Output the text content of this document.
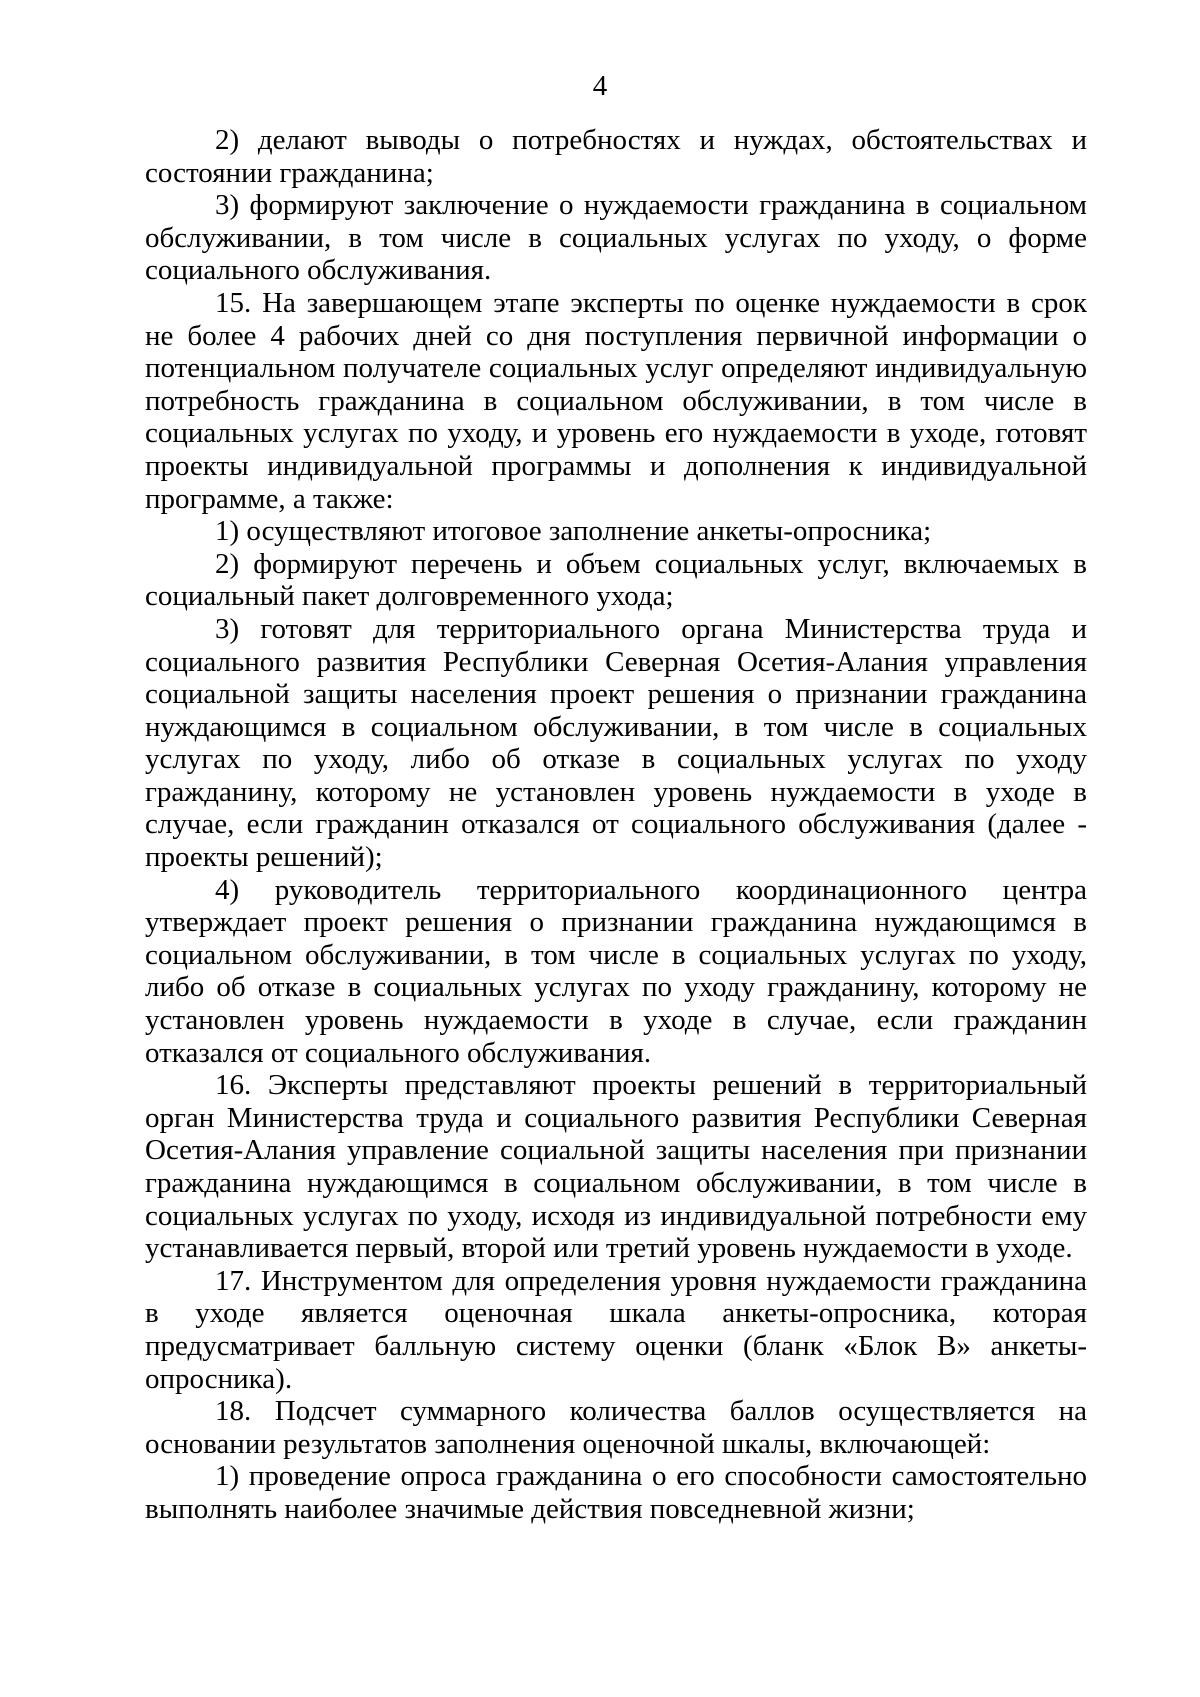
4

2) делают выводы о потребностях и нуждах, обстоятельствах и состоянии гражданина;

3) формируют заключение о нуждаемости гражданина в социальном обслуживании, в том числе в социальных услугах по уходу, о форме социального обслуживания.

15. На завершающем этапе эксперты по оценке нуждаемости в срок не более 4 рабочих дней со дня поступления первичной информации о потенциальном получателе социальных услуг определяют индивидуальную потребность гражданина в социальном обслуживании, в том числе в социальных услугах по уходу, и уровень его нуждаемости в уходе, готовят проекты индивидуальной программы и дополнения к индивидуальной программе, а также:

1) осуществляют итоговое заполнение анкеты-опросника;

2) формируют перечень и объем социальных услуг, включаемых в социальный пакет долговременного ухода;

3) готовят для территориального органа Министерства труда и социального развития Республики Северная Осетия-Алания управления социальной защиты населения проект решения о признании гражданина нуждающимся в социальном обслуживании, в том числе в социальных услугах по уходу, либо об отказе в социальных услугах по уходу гражданину, которому не установлен уровень нуждаемости в уходе в случае, если гражданин отказался от социального обслуживания (далее - проекты решений);

4) руководитель территориального координационного центра утверждает проект решения о признании гражданина нуждающимся в социальном обслуживании, в том числе в социальных услугах по уходу, либо об отказе в социальных услугах по уходу гражданину, которому не установлен уровень нуждаемости в уходе в случае, если гражданин отказался от социального обслуживания.

16. Эксперты представляют проекты решений в территориальный орган Министерства труда и социального развития Республики Северная Осетия-Алания управление социальной защиты населения при признании гражданина нуждающимся в социальном обслуживании, в том числе в социальных услугах по уходу, исходя из индивидуальной потребности ему устанавливается первый, второй или третий уровень нуждаемости в уходе.

17. Инструментом для определения уровня нуждаемости гражданина в уходе является оценочная шкала анкеты-опросника, которая предусматривает балльную систему оценки (бланк «Блок В» анкеты-опросника).

18. Подсчет суммарного количества баллов осуществляется на основании результатов заполнения оценочной шкалы, включающей:

1) проведение опроса гражданина о его способности самостоятельно выполнять наиболее значимые действия повседневной жизни;
